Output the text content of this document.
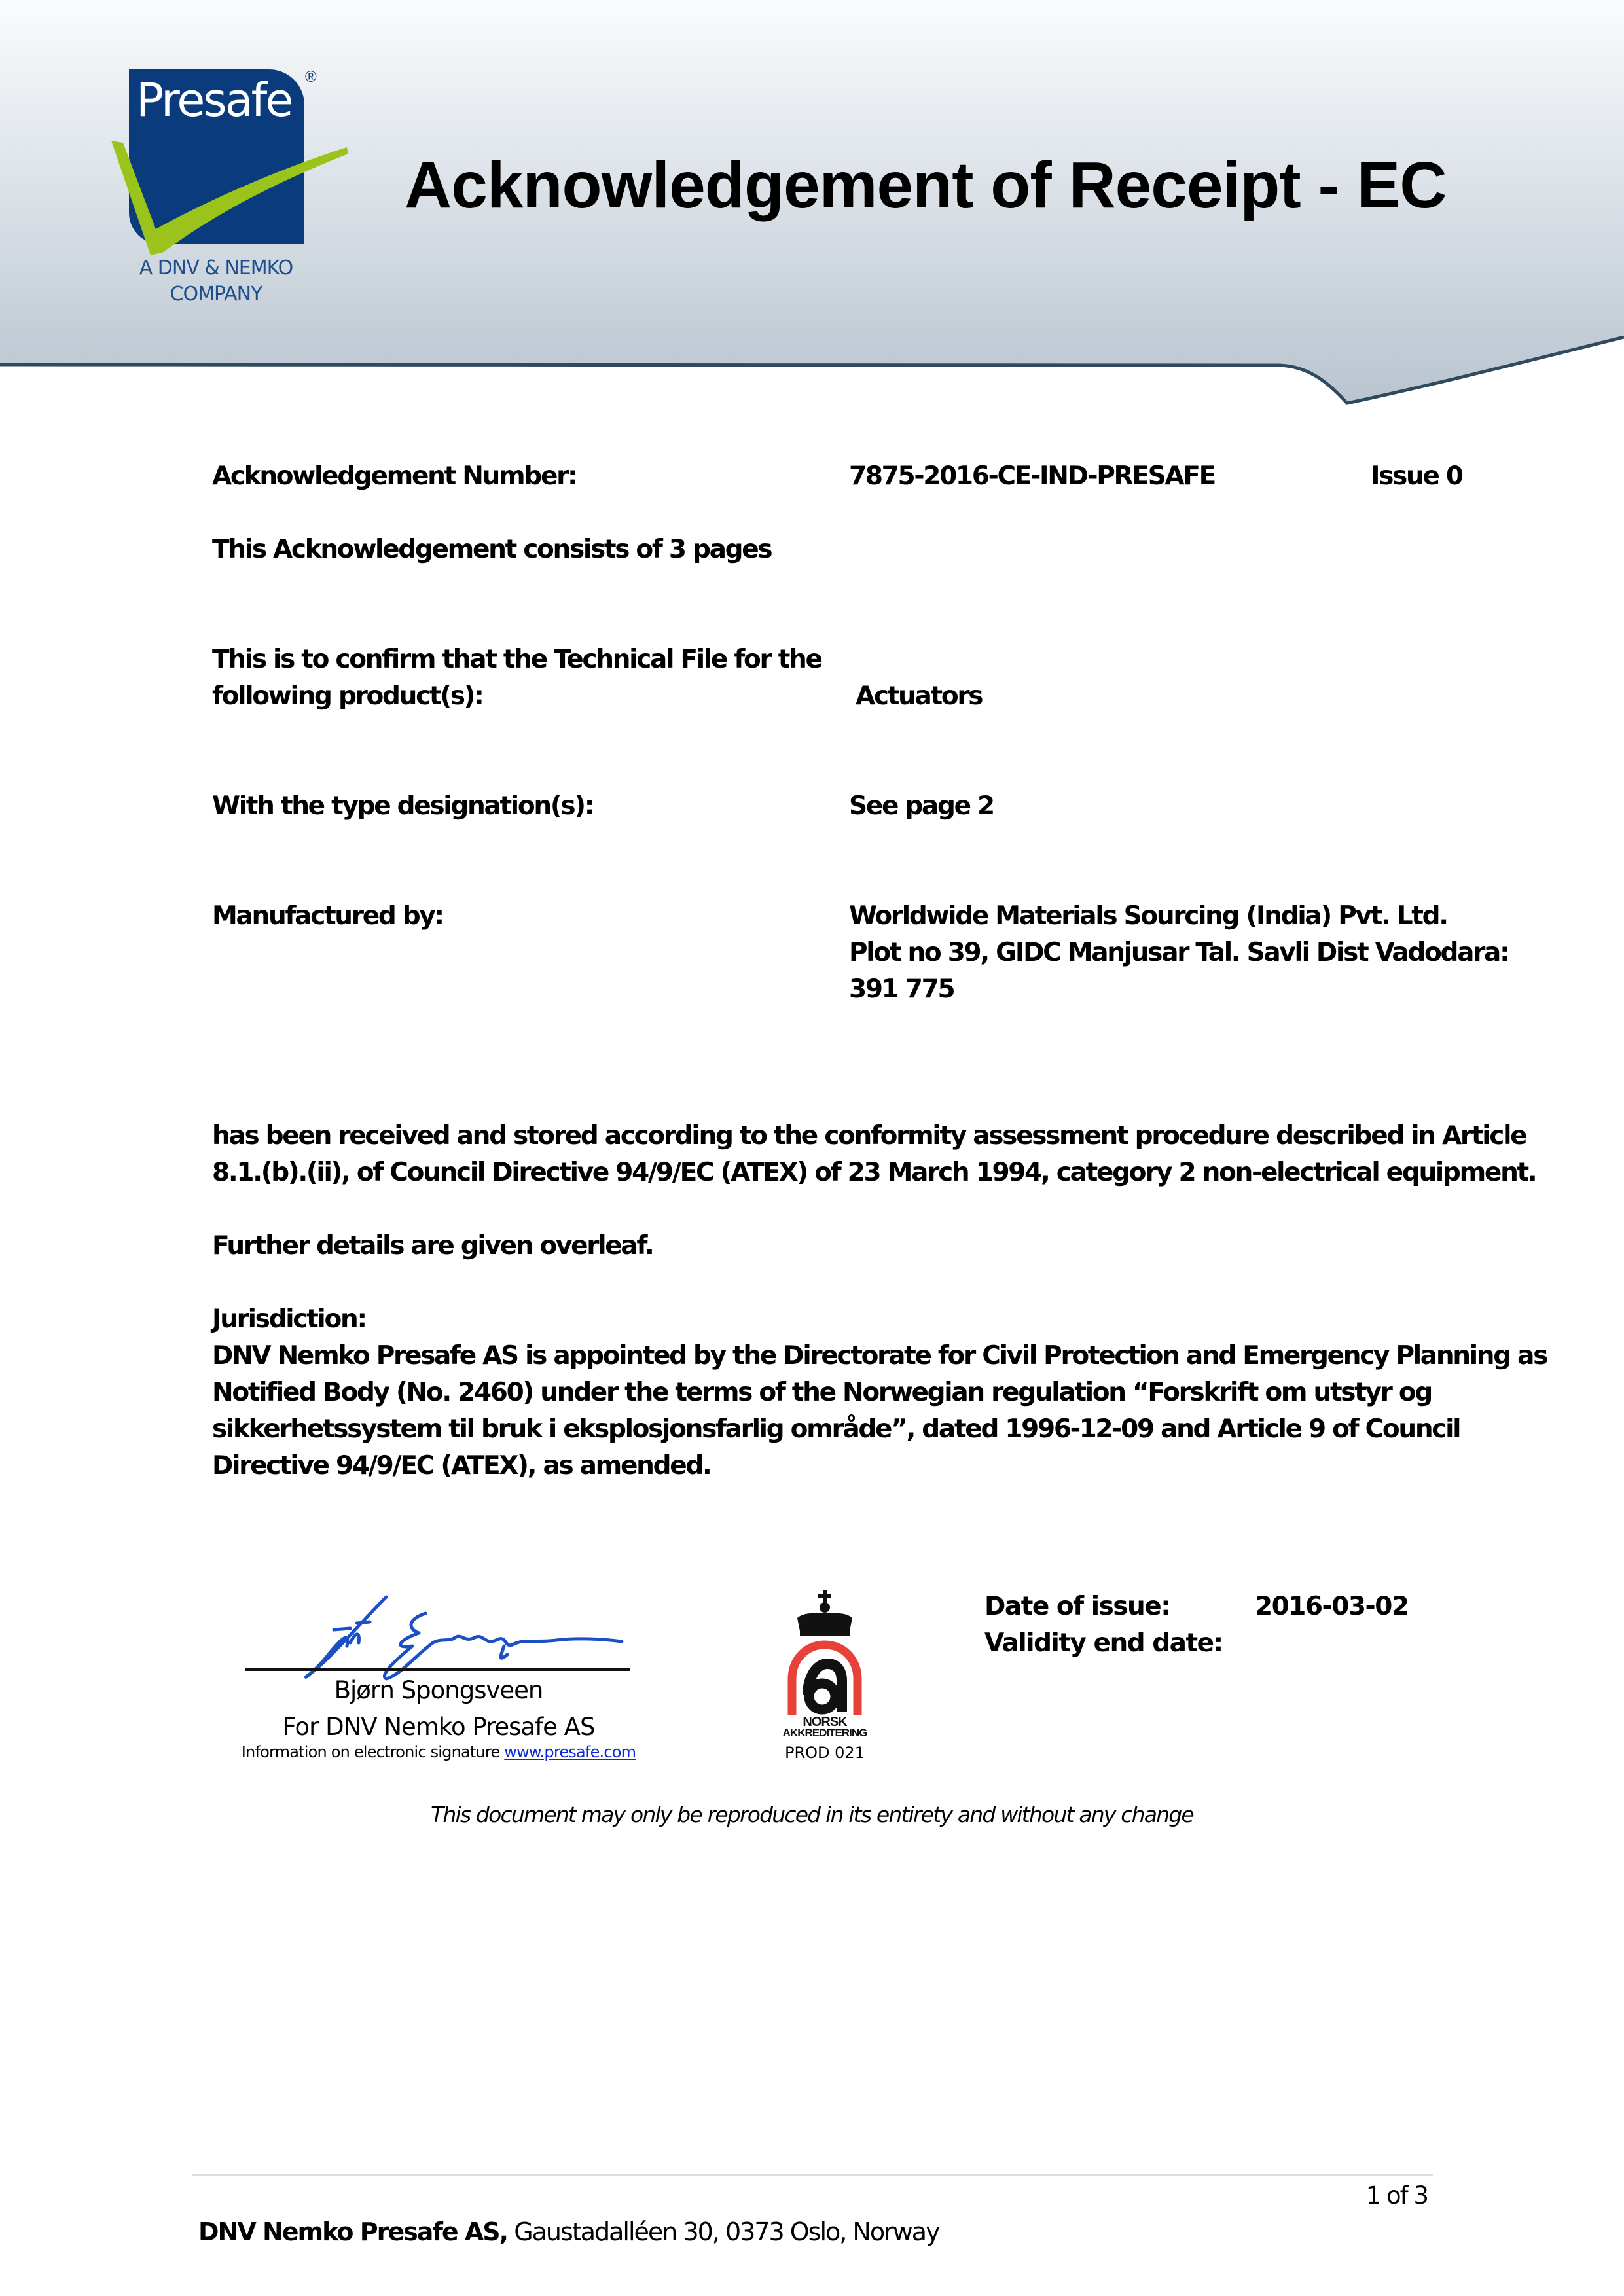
Presafe ®
A DNV & NEMKO
COMPANY
Acknowledgement of Receipt - EC
Acknowledgement Number:	7875-2016-CE-IND-PRESAFE	Issue 0
This Acknowledgement consists of 3 pages
This is to confirm that the Technical File for the
following product(s):	Actuators
With the type designation(s):	See page 2
Manufactured by:	Worldwide Materials Sourcing (India) Pvt. Ltd.
Plot no 39, GIDC Manjusar Tal. Savli Dist Vadodara:
391 775
has been received and stored according to the conformity assessment procedure described in Article
8.1.(b).(ii), of Council Directive 94/9/EC (ATEX) of 23 March 1994, category 2 non-electrical equipment.
Further details are given overleaf.
Jurisdiction:
DNV Nemko Presafe AS is appointed by the Directorate for Civil Protection and Emergency Planning as
Notified Body (No. 2460) under the terms of the Norwegian regulation “Forskrift om utstyr og
sikkerhetssystem til bruk i eksplosjonsfarlig område”, dated 1996-12-09 and Article 9 of Council
Directive 94/9/EC (ATEX), as amended.
Bjørn Spongsveen
For DNV Nemko Presafe AS
Information on electronic signature www.presafe.com
NORSK
AKKREDITERING
PROD 021
Date of issue:	2016-03-02
Validity end date:
This document may only be reproduced in its entirety and without any change
1 of 3
DNV Nemko Presafe AS, Gaustadalléen 30, 0373 Oslo, Norway
